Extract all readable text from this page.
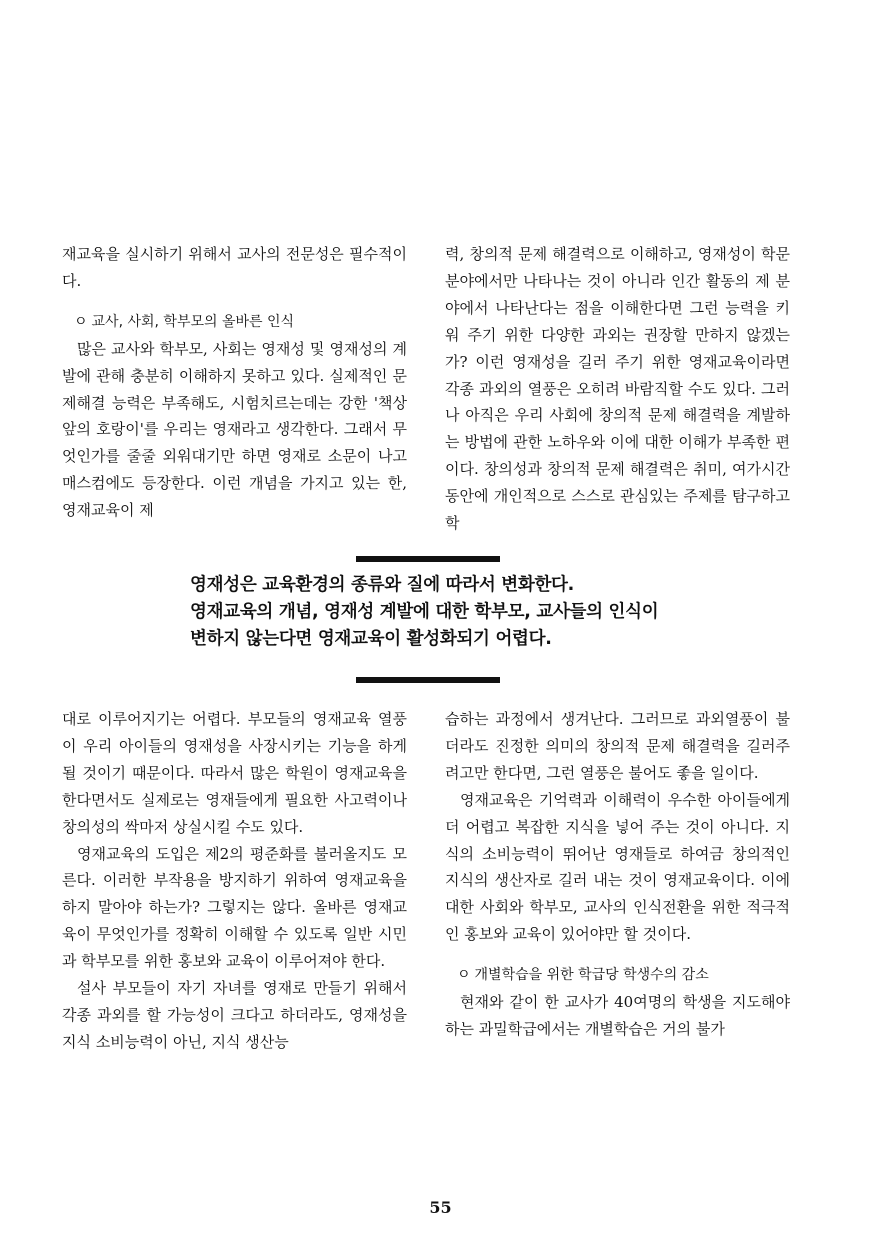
재교육을 실시하기 위해서 교사의 전문성은 필수적이다.

ㅇ 교사, 사회, 학부모의 올바른 인식

많은 교사와 학부모, 사회는 영재성 및 영재성의 계발에 관해 충분히 이해하지 못하고 있다. 실제적인 문제해결 능력은 부족해도, 시험치르는데는 강한 '책상 앞의 호랑이'를 우리는 영재라고 생각한다. 그래서 무엇인가를 줄줄 외워대기만 하면 영재로 소문이 나고 매스컴에도 등장한다. 이런 개념을 가지고 있는 한, 영재교육이 제

력, 창의적 문제 해결력으로 이해하고, 영재성이 학문분야에서만 나타나는 것이 아니라 인간 활동의 제 분야에서 나타난다는 점을 이해한다면 그런 능력을 키워 주기 위한 다양한 과외는 권장할 만하지 않겠는가? 이런 영재성을 길러 주기 위한 영재교육이라면 각종 과외의 열풍은 오히려 바람직할 수도 있다. 그러나 아직은 우리 사회에 창의적 문제 해결력을 계발하는 방법에 관한 노하우와 이에 대한 이해가 부족한 편이다. 창의성과 창의적 문제 해결력은 취미, 여가시간 동안에 개인적으로 스스로 관심있는 주제를 탐구하고 학

영재성은 교육환경의 종류와 질에 따라서 변화한다.
영재교육의 개념, 영재성 계발에 대한 학부모, 교사들의 인식이
변하지 않는다면 영재교육이 활성화되기 어렵다.

대로 이루어지기는 어렵다. 부모들의 영재교육 열풍이 우리 아이들의 영재성을 사장시키는 기능을 하게 될 것이기 때문이다. 따라서 많은 학원이 영재교육을 한다면서도 실제로는 영재들에게 필요한 사고력이나 창의성의 싹마저 상실시킬 수도 있다.

영재교육의 도입은 제2의 평준화를 불러올지도 모른다. 이러한 부작용을 방지하기 위하여 영재교육을 하지 말아야 하는가? 그렇지는 않다. 올바른 영재교육이 무엇인가를 정확히 이해할 수 있도록 일반 시민과 학부모를 위한 홍보와 교육이 이루어져야 한다.

설사 부모들이 자기 자녀를 영재로 만들기 위해서 각종 과외를 할 가능성이 크다고 하더라도, 영재성을 지식 소비능력이 아닌, 지식 생산능

습하는 과정에서 생겨난다. 그러므로 과외열풍이 불더라도 진정한 의미의 창의적 문제 해결력을 길러주려고만 한다면, 그런 열풍은 불어도 좋을 일이다.

영재교육은 기억력과 이해력이 우수한 아이들에게 더 어렵고 복잡한 지식을 넣어 주는 것이 아니다. 지식의 소비능력이 뛰어난 영재들로 하여금 창의적인 지식의 생산자로 길러 내는 것이 영재교육이다. 이에 대한 사회와 학부모, 교사의 인식전환을 위한 적극적인 홍보와 교육이 있어야만 할 것이다.

ㅇ 개별학습을 위한 학급당 학생수의 감소

현재와 같이 한 교사가 40여명의 학생을 지도해야 하는 과밀학급에서는 개별학습은 거의 불가

55
